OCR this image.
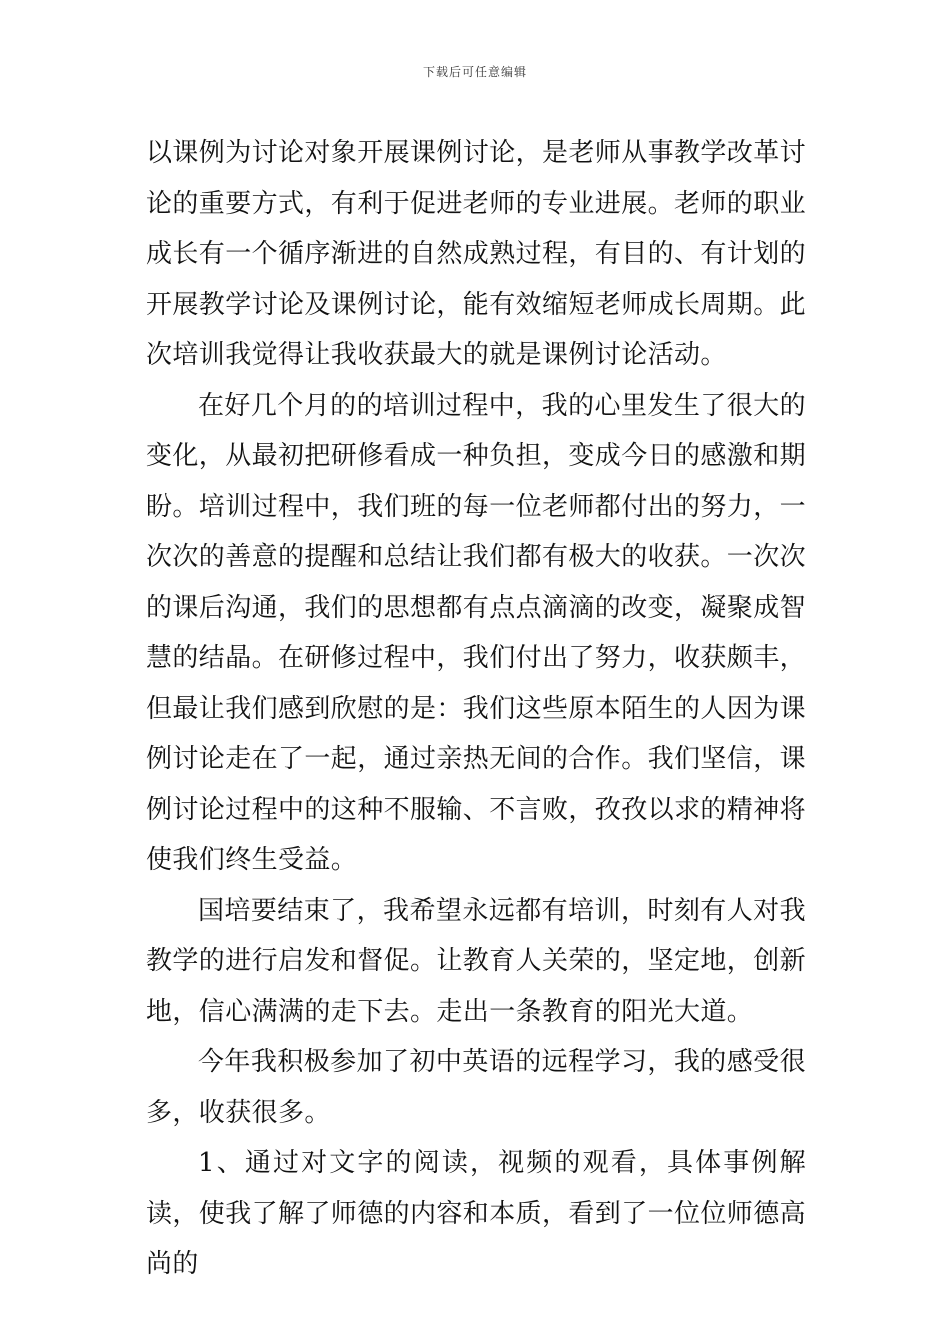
下载后可任意编辑

以课例为讨论对象开展课例讨论，是老师从事教学改革讨论的重要方式，有利于促进老师的专业进展。老师的职业成长有一个循序渐进的自然成熟过程，有目的、有计划的开展教学讨论及课例讨论，能有效缩短老师成长周期。此次培训我觉得让我收获最大的就是课例讨论活动。

在好几个月的的培训过程中，我的心里发生了很大的变化，从最初把研修看成一种负担，变成今日的感激和期盼。培训过程中，我们班的每一位老师都付出的努力，一次次的善意的提醒和总结让我们都有极大的收获。一次次的课后沟通，我们的思想都有点点滴滴的改变，凝聚成智慧的结晶。在研修过程中，我们付出了努力，收获颇丰，但最让我们感到欣慰的是：我们这些原本陌生的人因为课例讨论走在了一起，通过亲热无间的合作。我们坚信，课例讨论过程中的这种不服输、不言败，孜孜以求的精神将使我们终生受益。

国培要结束了，我希望永远都有培训，时刻有人对我教学的进行启发和督促。让教育人关荣的，坚定地，创新地，信心满满的走下去。走出一条教育的阳光大道。

今年我积极参加了初中英语的远程学习，我的感受很多，收获很多。

1、通过对文字的阅读，视频的观看，具体事例解读，使我了解了师德的内容和本质，看到了一位位师德高尚的
